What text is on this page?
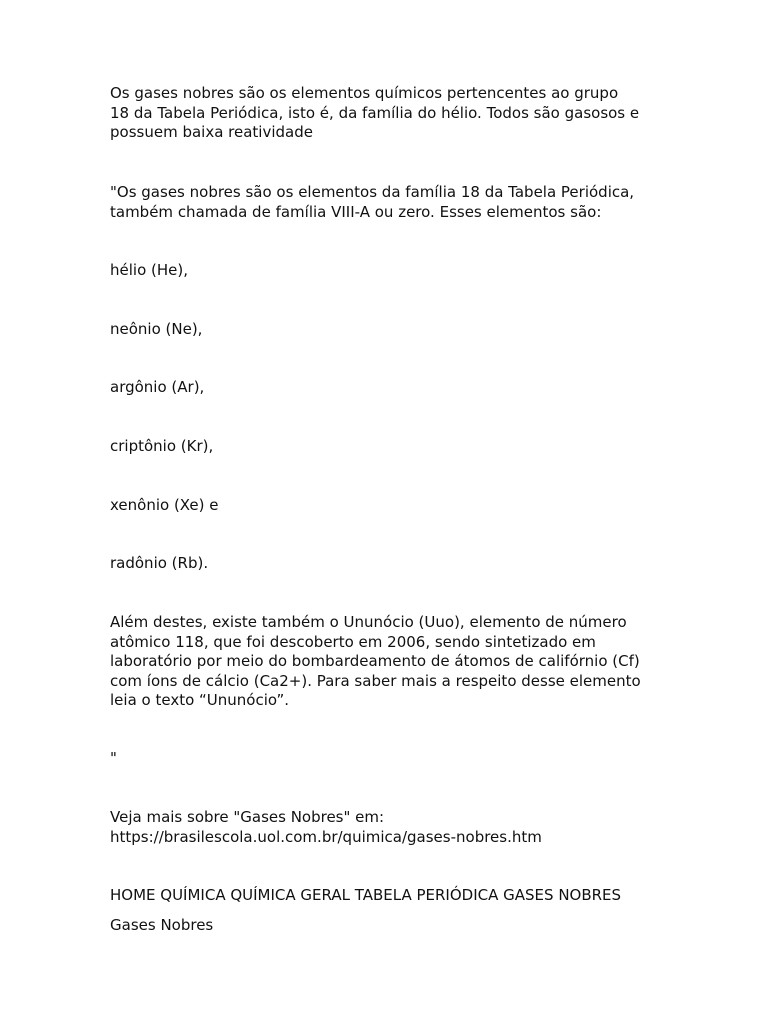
Os gases nobres são os elementos químicos pertencentes ao grupo
18 da Tabela Periódica, isto é, da família do hélio. Todos são gasosos e
possuem baixa reatividade

"Os gases nobres são os elementos da família 18 da Tabela Periódica,
também chamada de família VIII-A ou zero. Esses elementos são:

hélio (He),

neônio (Ne),

argônio (Ar),

criptônio (Kr),

xenônio (Xe) e

radônio (Rb).

Além destes, existe também o Ununócio (Uuo), elemento de número
atômico 118, que foi descoberto em 2006, sendo sintetizado em
laboratório por meio do bombardeamento de átomos de califórnio (Cf)
com íons de cálcio (Ca2+). Para saber mais a respeito desse elemento
leia o texto “Ununócio”.

"

Veja mais sobre "Gases Nobres" em:
https://brasilescola.uol.com.br/quimica/gases-nobres.htm

HOME QUÍMICA QUÍMICA GERAL TABELA PERIÓDICA GASES NOBRES

Gases Nobres
